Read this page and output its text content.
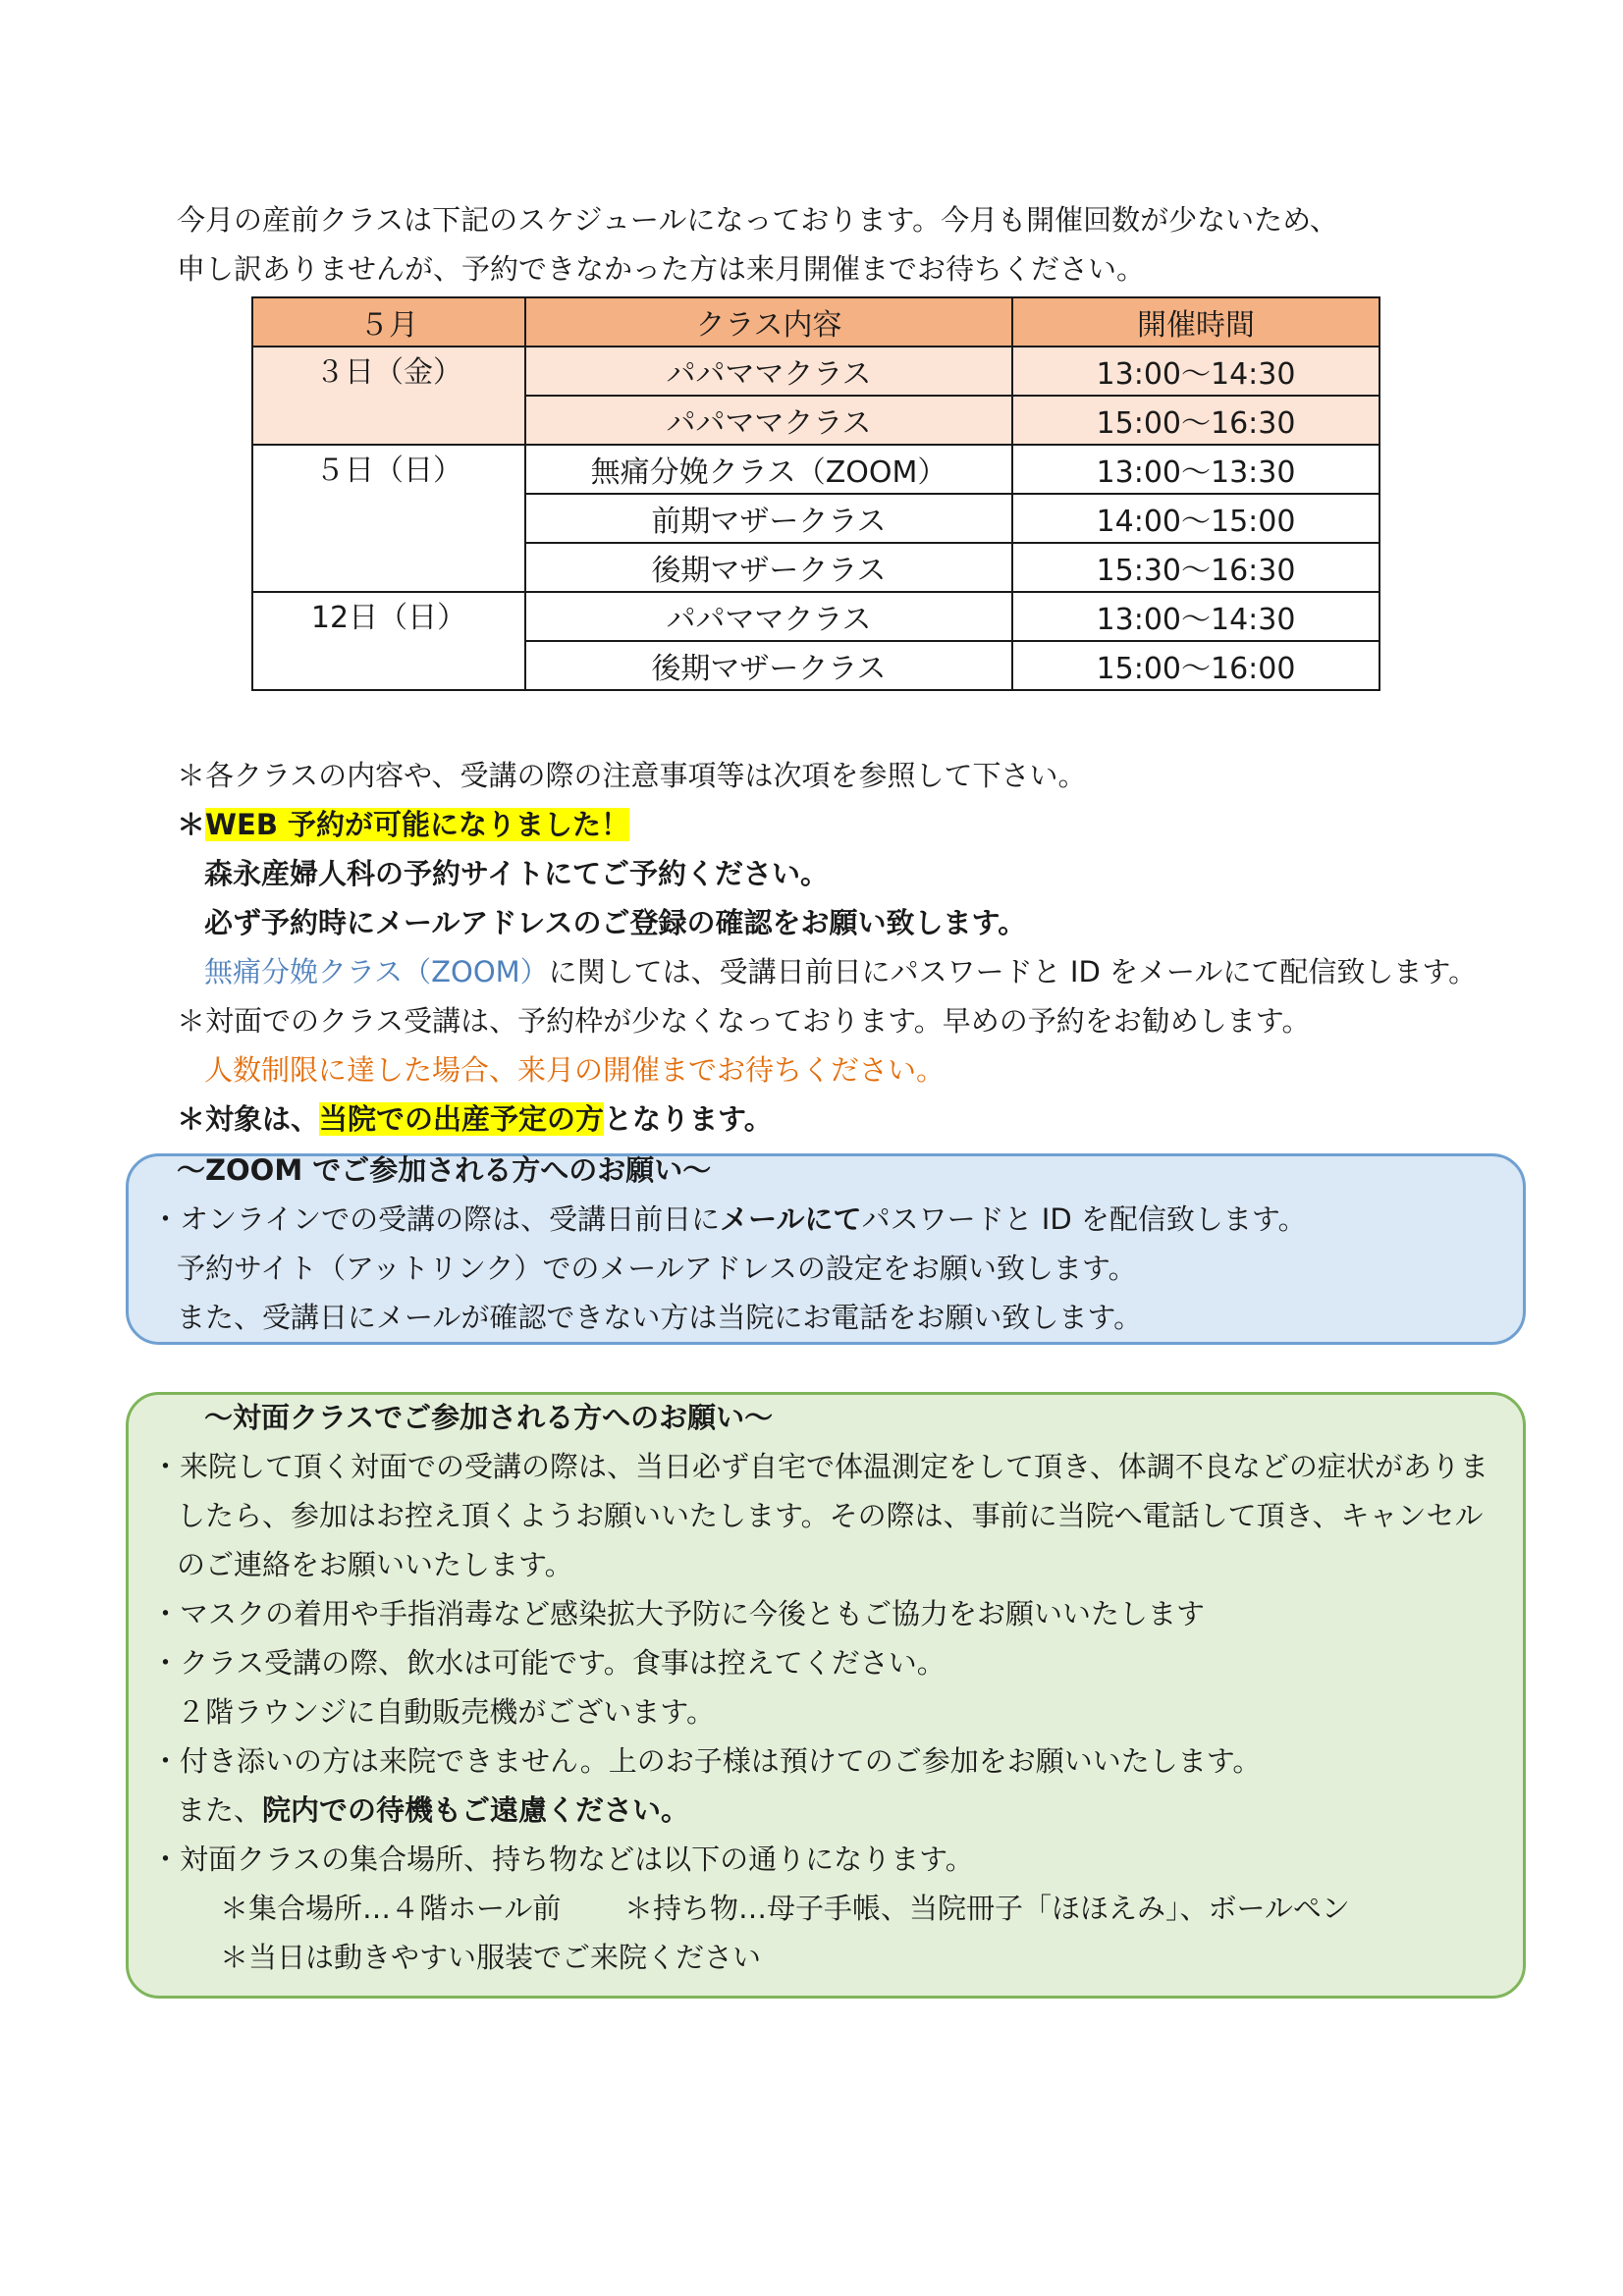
今月の産前クラスは下記のスケジュールになっております。今月も開催回数が少ないため、
申し訳ありませんが、予約できなかった方は来月開催までお待ちください。
５月	クラス内容	開催時間
３日（金）	パパママクラス	13:00～14:30
	パパママクラス	15:00～16:30
５日（日）	無痛分娩クラス（ZOOM）	13:00～13:30
	前期マザークラス	14:00～15:00
	後期マザークラス	15:30～16:30
12日（日）	パパママクラス	13:00～14:30
	後期マザークラス	15:00～16:00
＊各クラスの内容や、受講の際の注意事項等は次項を参照して下さい。
＊WEB 予約が可能になりました！
森永産婦人科の予約サイトにてご予約ください。
必ず予約時にメールアドレスのご登録の確認をお願い致します。
無痛分娩クラス（ZOOM）に関しては、受講日前日にパスワードと ID をメールにて配信致します。
＊対面でのクラス受講は、予約枠が少なくなっております。早めの予約をお勧めします。
人数制限に達した場合、来月の開催までお待ちください。
＊対象は、当院での出産予定の方となります。
～ZOOM でご参加される方へのお願い～
・オンラインでの受講の際は、受講日前日にメールにてパスワードと ID を配信致します。
予約サイト（アットリンク）でのメールアドレスの設定をお願い致します。
また、受講日にメールが確認できない方は当院にお電話をお願い致します。
～対面クラスでご参加される方へのお願い～
・来院して頂く対面での受講の際は、当日必ず自宅で体温測定をして頂き、体調不良などの症状がありま
したら、参加はお控え頂くようお願いいたします。その際は、事前に当院へ電話して頂き、キャンセル
のご連絡をお願いいたします。
・マスクの着用や手指消毒など感染拡大予防に今後ともご協力をお願いいたします
・クラス受講の際、飲水は可能です。食事は控えてください。
２階ラウンジに自動販売機がございます。
・付き添いの方は来院できません。上のお子様は預けてのご参加をお願いいたします。
また、院内での待機もご遠慮ください。
・対面クラスの集合場所、持ち物などは以下の通りになります。
＊集合場所…４階ホール前 ＊持ち物…母子手帳、当院冊子「ほほえみ」、ボールペン
＊当日は動きやすい服装でご来院ください
